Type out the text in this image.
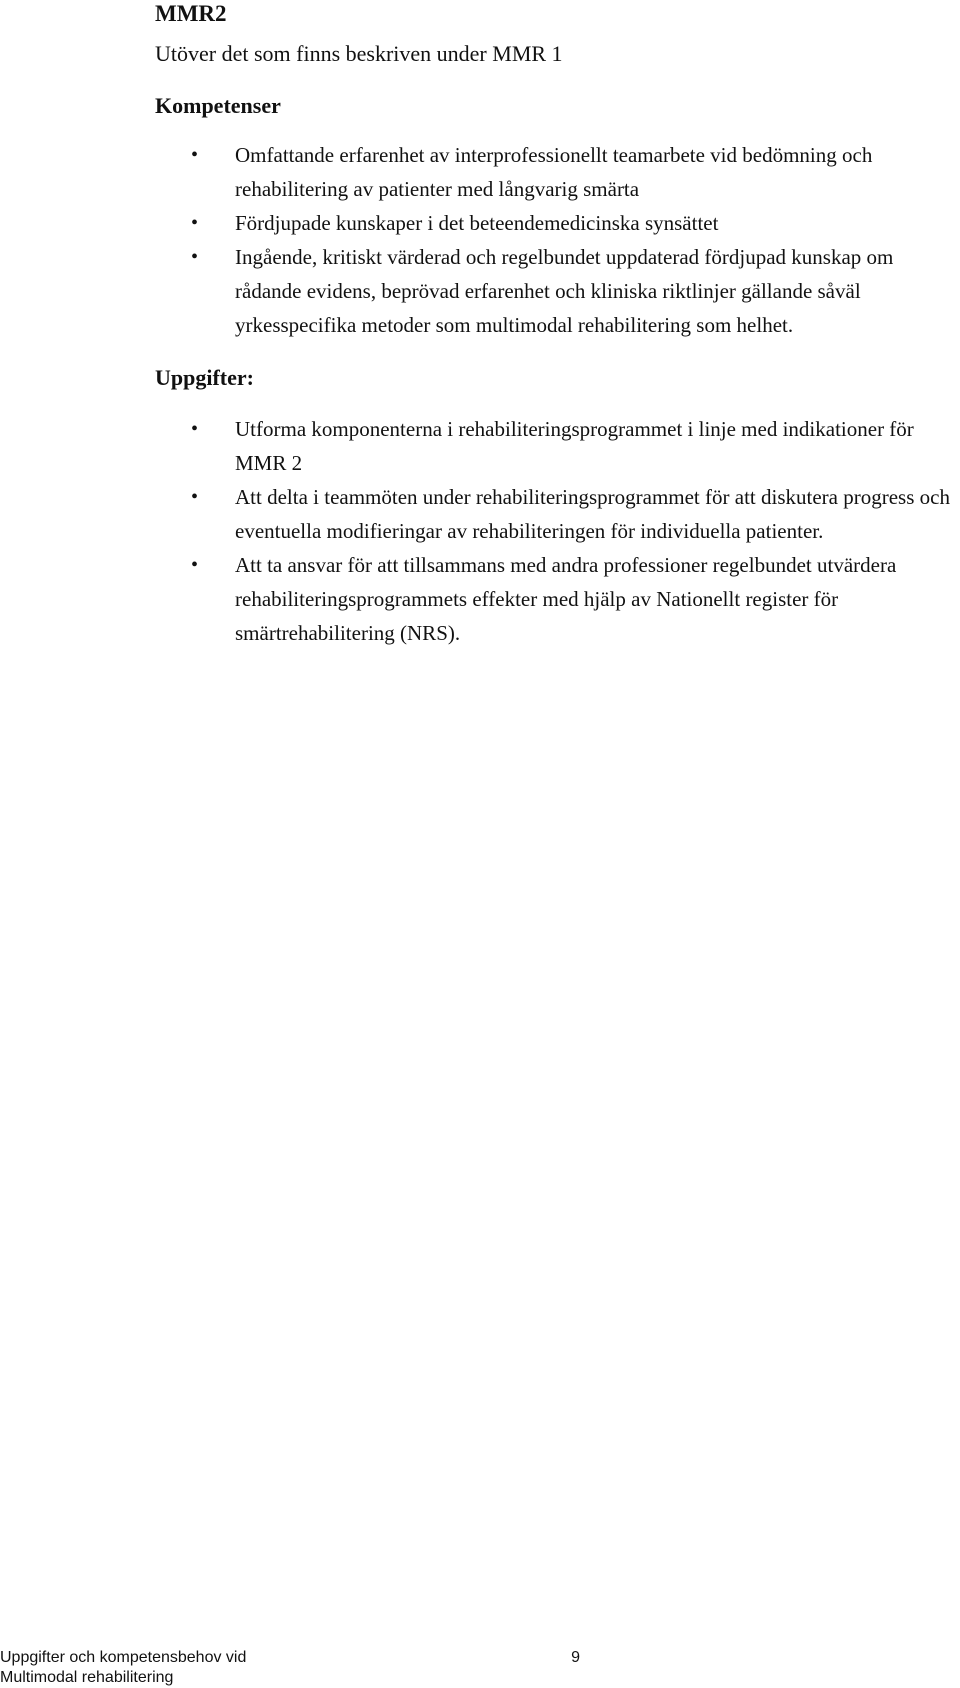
MMR2
Utöver det som finns beskriven under MMR 1
Kompetenser
• Omfattande erfarenhet av interprofessionellt teamarbete vid bedömning och rehabilitering av patienter med långvarig smärta
• Fördjupade kunskaper i det beteendemedicinska synsättet
• Ingående, kritiskt värderad och regelbundet uppdaterad fördjupad kunskap om rådande evidens, beprövad erfarenhet och kliniska riktlinjer gällande såväl yrkesspecifika metoder som multimodal rehabilitering som helhet.
Uppgifter:
• Utforma komponenterna i rehabiliteringsprogrammet i linje med indikationer för MMR 2
• Att delta i teammöten under rehabiliteringsprogrammet för att diskutera progress och eventuella modifieringar av rehabiliteringen för individuella patienter.
• Att ta ansvar för att tillsammans med andra professioner regelbundet utvärdera rehabiliteringsprogrammets effekter med hjälp av Nationellt register för smärtrehabilitering (NRS).
Uppgifter och kompetensbehov vid	9
Multimodal rehabilitering
